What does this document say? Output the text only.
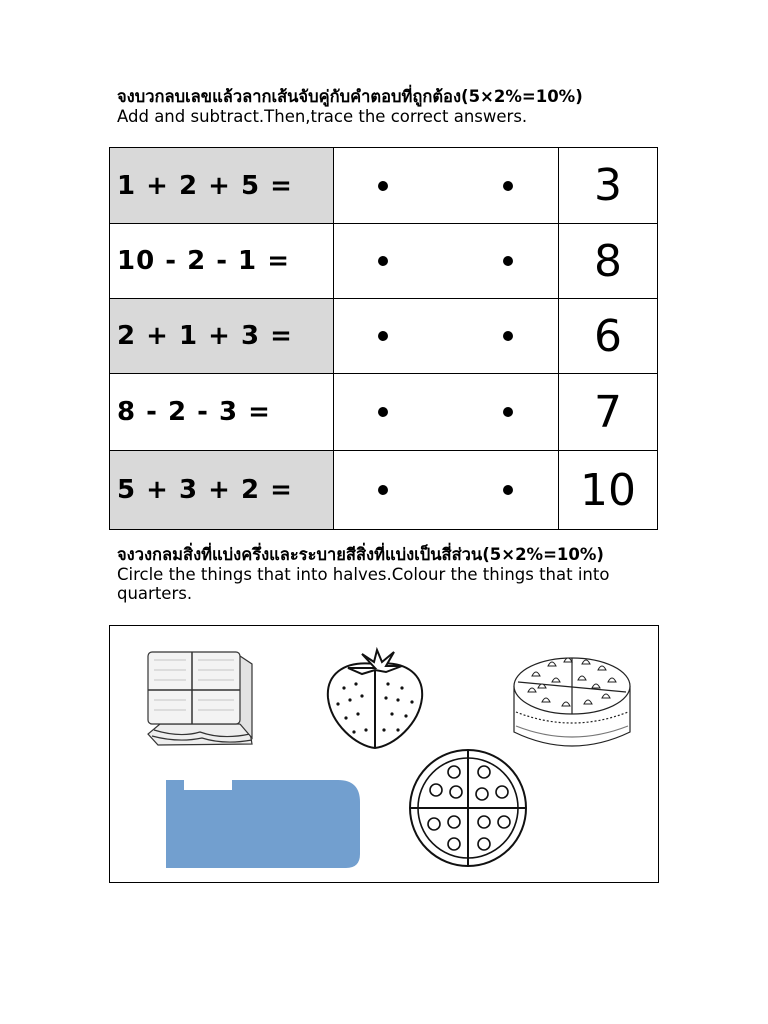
จงบวกลบเลขแล้วลากเส้นจับคู่กับคำตอบที่ถูกต้อง(5×2%=10%)
Add and subtract.Then,trace the correct answers.
1 + 2 + 5 =		3
10 - 2 - 1 =		8
2 + 1 + 3 =		6
8 - 2 - 3 =		7
5 + 3 + 2 =		10
จงวงกลมสิ่งที่แบ่งครึ่งและระบายสีสิ่งที่แบ่งเป็นสี่ส่วน(5×2%=10%)
Circle the things that into halves.Colour the things that into quarters.
